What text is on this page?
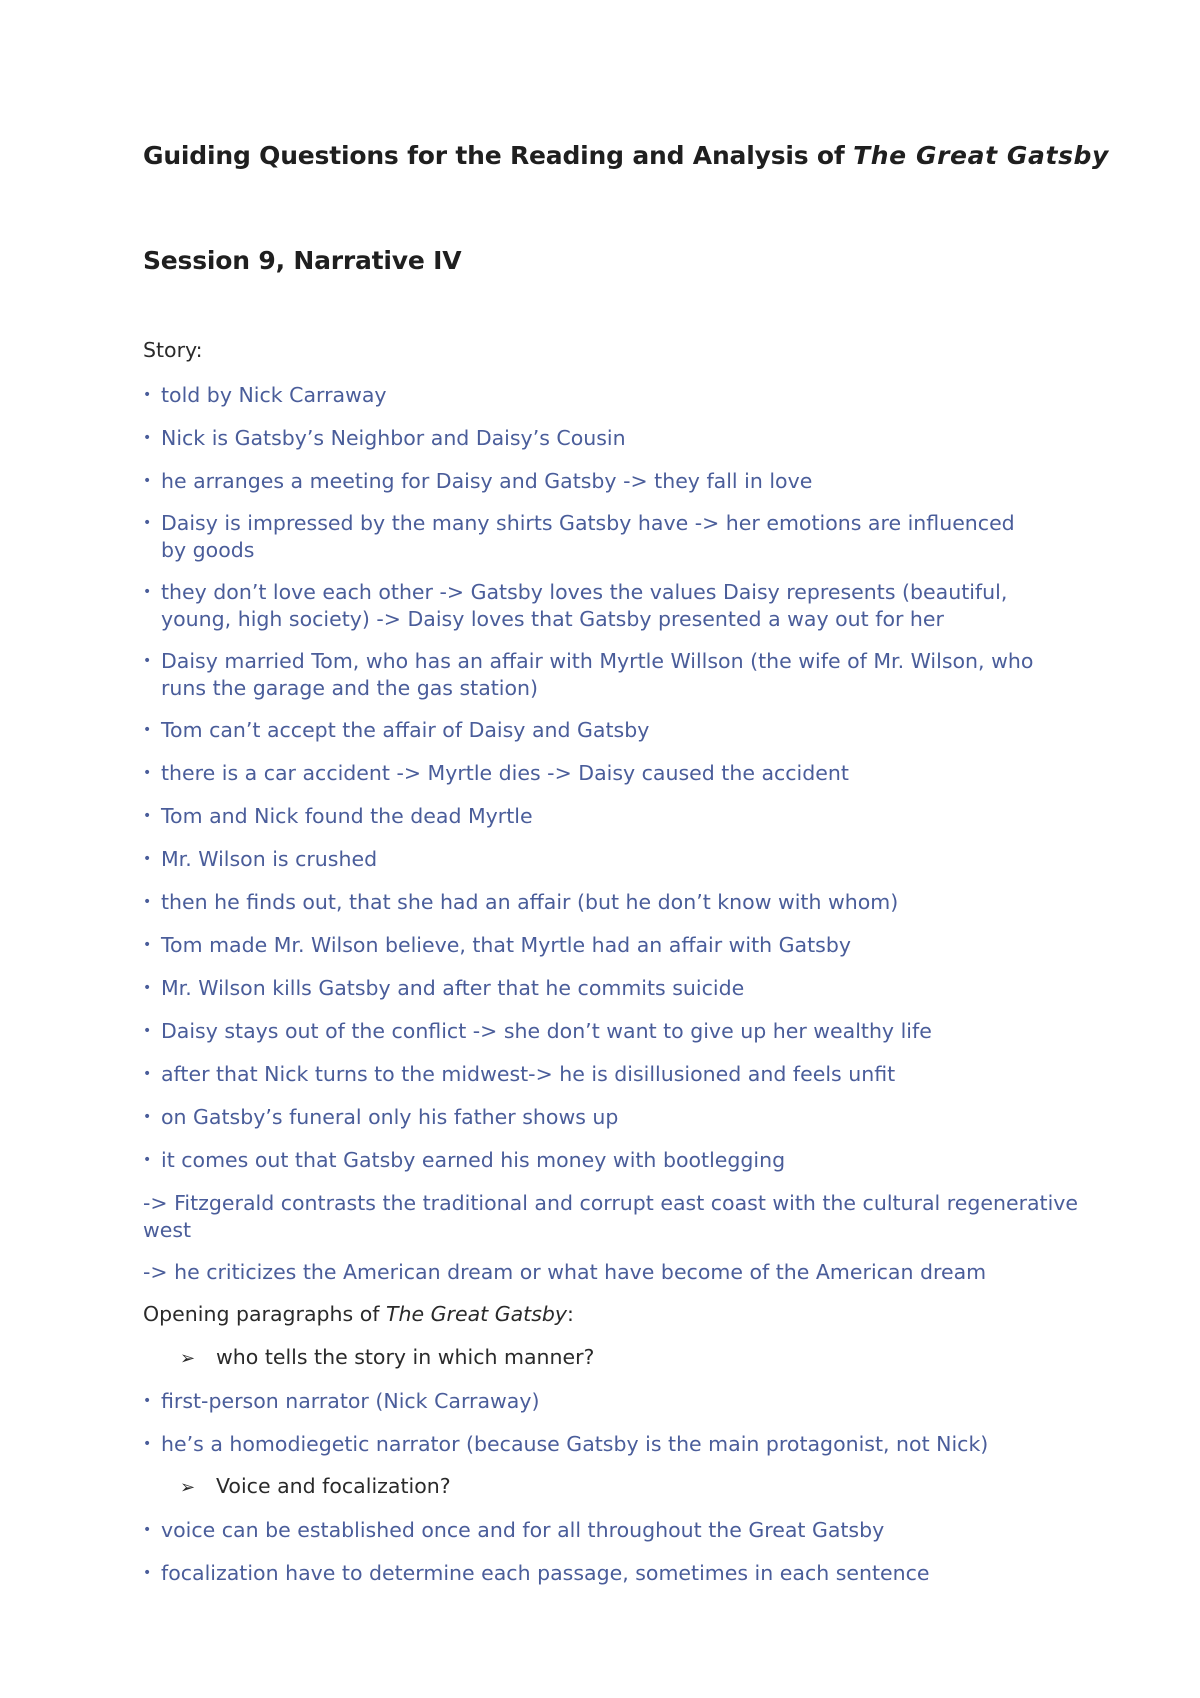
Guiding Questions for the Reading and Analysis of The Great Gatsby
Session 9, Narrative IV
Story:
• told by Nick Carraway
• Nick is Gatsby’s Neighbor and Daisy’s Cousin
• he arranges a meeting for Daisy and Gatsby -> they fall in love
• Daisy is impressed by the many shirts Gatsby have -> her emotions are influenced by goods
• they don’t love each other -> Gatsby loves the values Daisy represents (beautiful, young, high society) -> Daisy loves that Gatsby presented a way out for her
• Daisy married Tom, who has an affair with Myrtle Willson (the wife of Mr. Wilson, who runs the garage and the gas station)
• Tom can’t accept the affair of Daisy and Gatsby
• there is a car accident -> Myrtle dies -> Daisy caused the accident
• Tom and Nick found the dead Myrtle
• Mr. Wilson is crushed
• then he finds out, that she had an affair (but he don’t know with whom)
• Tom made Mr. Wilson believe, that Myrtle had an affair with Gatsby
• Mr. Wilson kills Gatsby and after that he commits suicide
• Daisy stays out of the conflict -> she don’t want to give up her wealthy life
• after that Nick turns to the midwest-> he is disillusioned and feels unfit
• on Gatsby’s funeral only his father shows up
• it comes out that Gatsby earned his money with bootlegging
-> Fitzgerald contrasts the traditional and corrupt east coast with the cultural regenerative west
-> he criticizes the American dream or what have become of the American dream
Opening paragraphs of The Great Gatsby:
➢ who tells the story in which manner?
• first-person narrator (Nick Carraway)
• he’s a homodiegetic narrator (because Gatsby is the main protagonist, not Nick)
➢ Voice and focalization?
• voice can be established once and for all throughout the Great Gatsby
• focalization have to determine each passage, sometimes in each sentence
